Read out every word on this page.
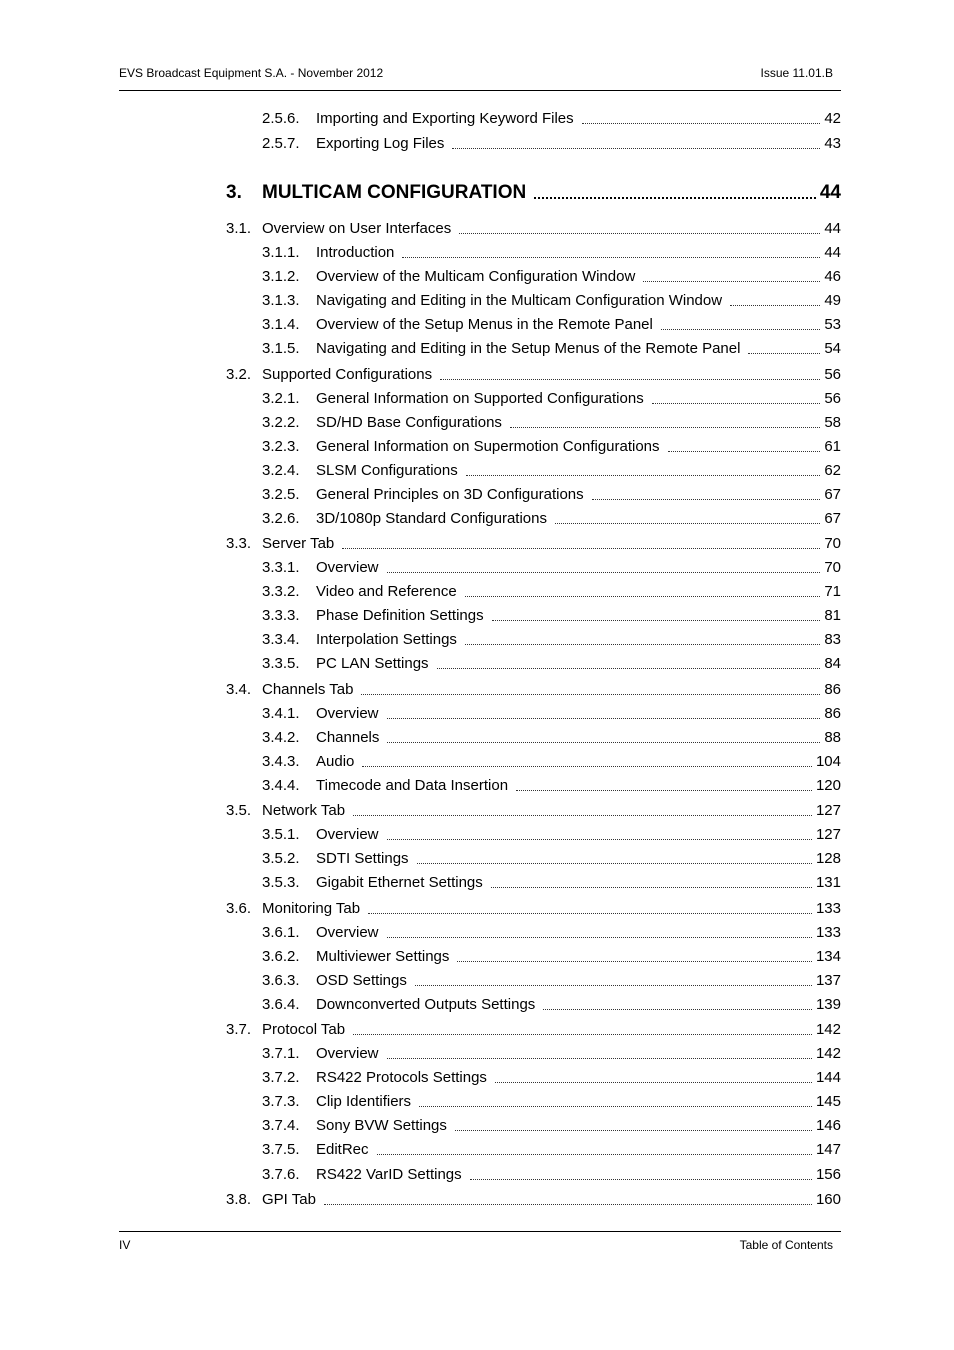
EVS Broadcast Equipment S.A. - November 2012	Issue 11.01.B
2.5.6.	Importing and Exporting Keyword Files	42
2.5.7.	Exporting Log Files	43
3.	MULTICAM CONFIGURATION	44
3.1. Overview on User Interfaces	44
3.1.1.	Introduction	44
3.1.2.	Overview of the Multicam Configuration Window	46
3.1.3.	Navigating and Editing in the Multicam Configuration Window	49
3.1.4.	Overview of the Setup Menus in the Remote Panel	53
3.1.5.	Navigating and Editing in the Setup Menus of the Remote Panel	54
3.2. Supported Configurations	56
3.2.1.	General Information on Supported Configurations	56
3.2.2.	SD/HD Base Configurations	58
3.2.3.	General Information on Supermotion Configurations	61
3.2.4.	SLSM Configurations	62
3.2.5.	General Principles on 3D Configurations	67
3.2.6.	3D/1080p Standard Configurations	67
3.3. Server Tab	70
3.3.1.	Overview	70
3.3.2.	Video and Reference	71
3.3.3.	Phase Definition Settings	81
3.3.4.	Interpolation Settings	83
3.3.5.	PC LAN Settings	84
3.4. Channels Tab	86
3.4.1.	Overview	86
3.4.2.	Channels	88
3.4.3.	Audio	104
3.4.4.	Timecode and Data Insertion	120
3.5. Network Tab	127
3.5.1.	Overview	127
3.5.2.	SDTI Settings	128
3.5.3.	Gigabit Ethernet Settings	131
3.6. Monitoring Tab	133
3.6.1.	Overview	133
3.6.2.	Multiviewer Settings	134
3.6.3.	OSD Settings	137
3.6.4.	Downconverted Outputs Settings	139
3.7. Protocol Tab	142
3.7.1.	Overview	142
3.7.2.	RS422 Protocols Settings	144
3.7.3.	Clip Identifiers	145
3.7.4.	Sony BVW Settings	146
3.7.5.	EditRec	147
3.7.6.	RS422 VarID Settings	156
3.8. GPI Tab	160
IV	Table of Contents
